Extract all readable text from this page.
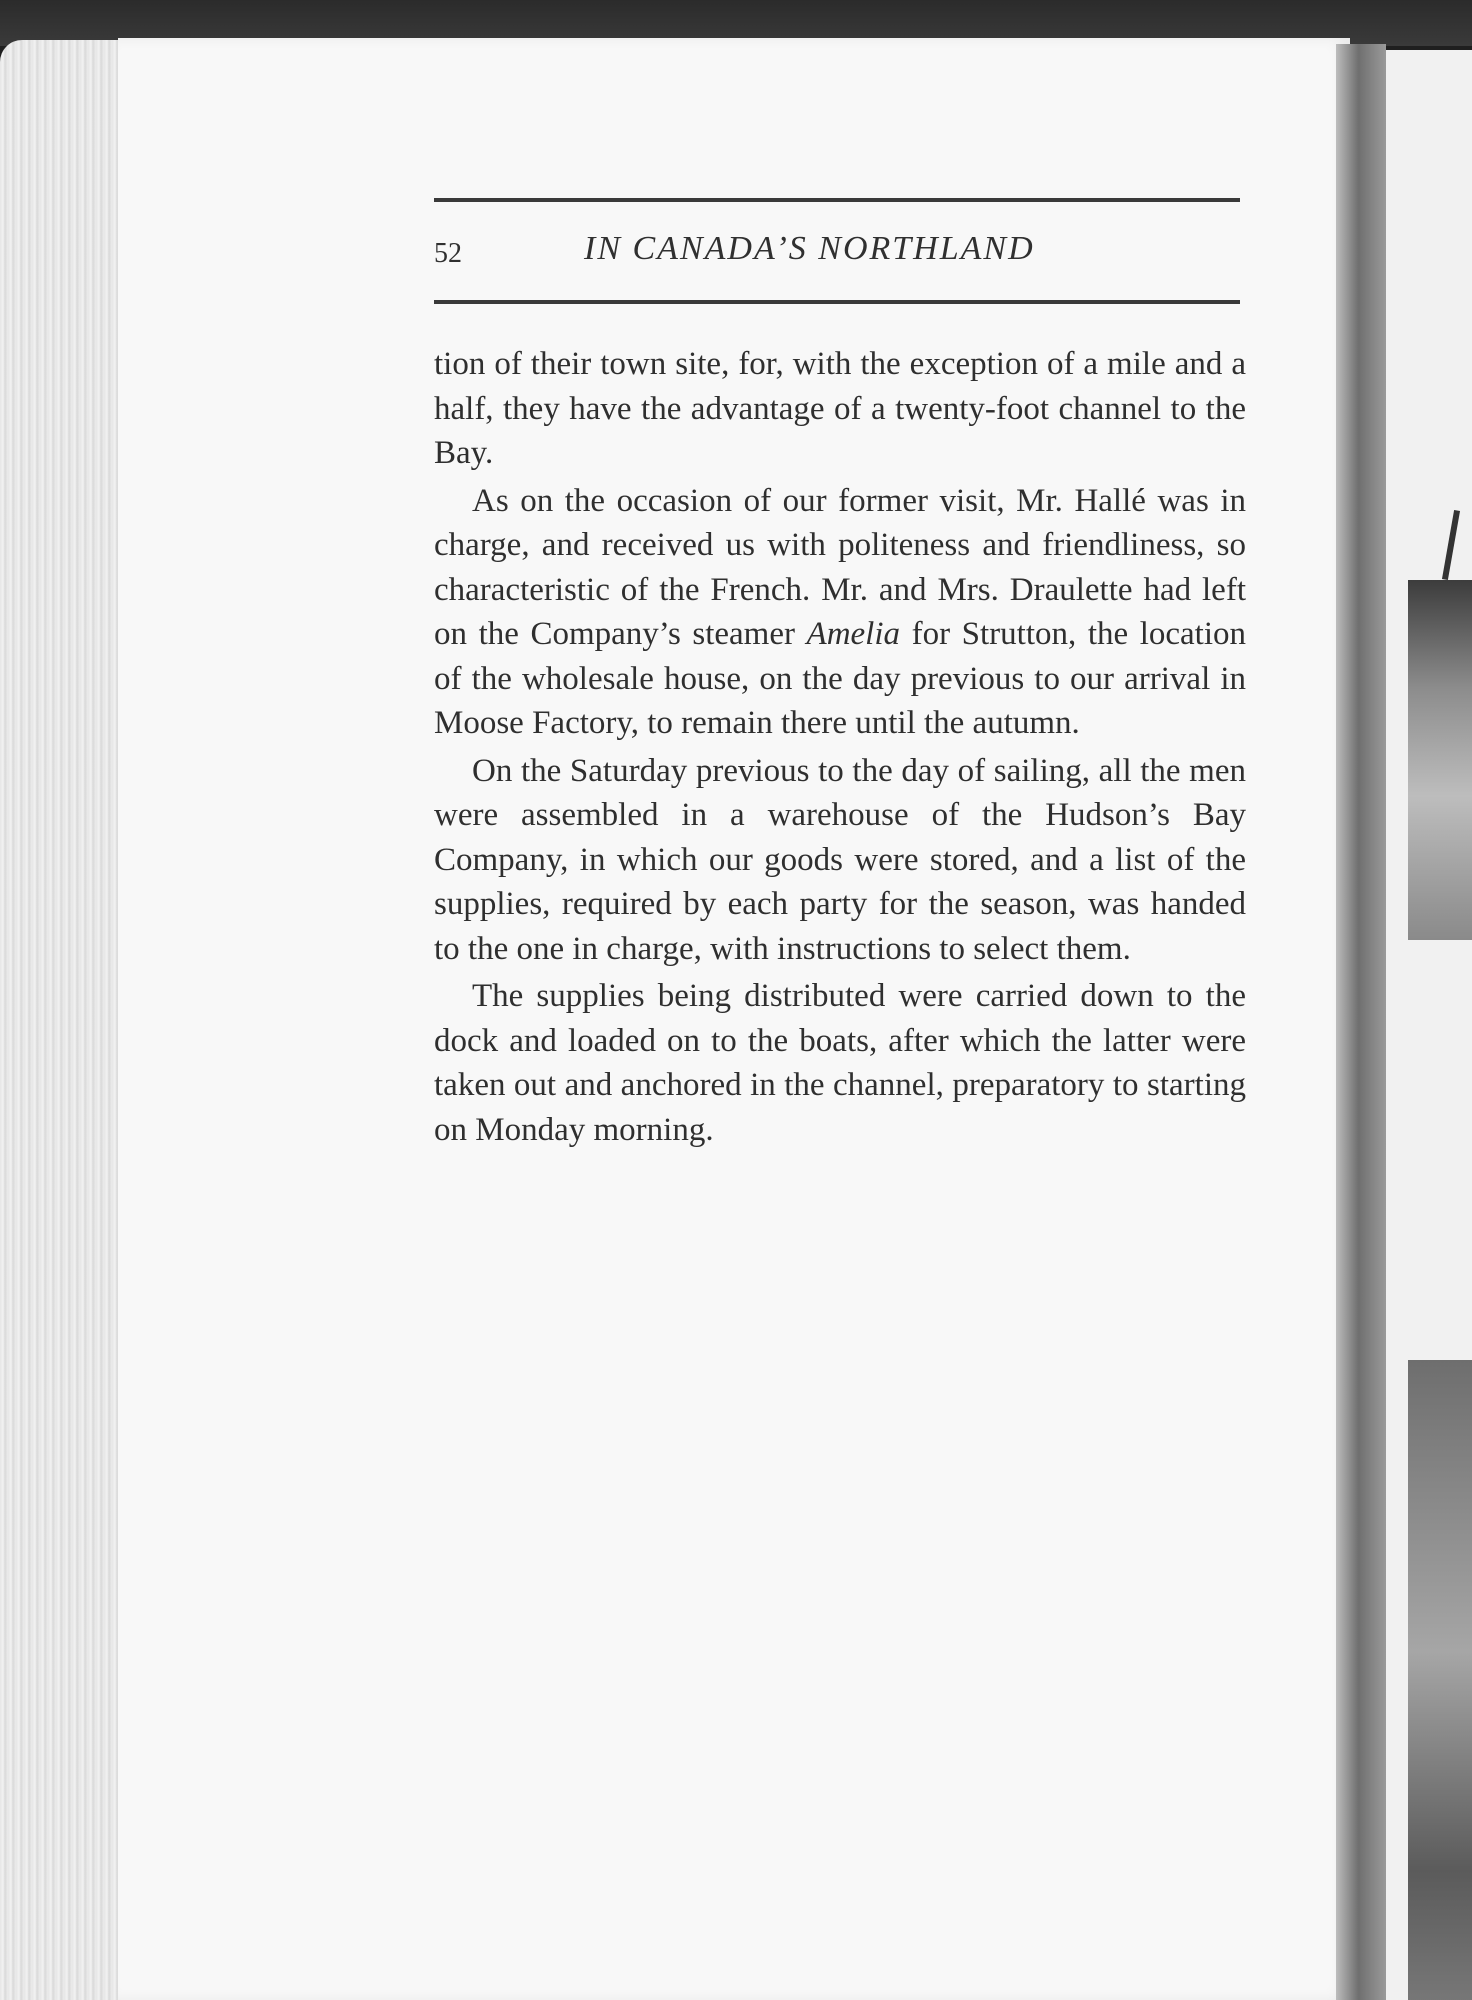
52	IN CANADA’S NORTHLAND

tion of their town site, for, with the exception of a mile and a half, they have the advantage of a twenty-foot channel to the Bay.

As on the occasion of our former visit, Mr. Hallé was in charge, and received us with politeness and friendliness, so characteristic of the French. Mr. and Mrs. Draulette had left on the Company’s steamer Amelia for Strutton, the location of the wholesale house, on the day previous to our arrival in Moose Factory, to remain there until the autumn.

On the Saturday previous to the day of sailing, all the men were assembled in a warehouse of the Hudson’s Bay Company, in which our goods were stored, and a list of the supplies, required by each party for the season, was handed to the one in charge, with instructions to select them.

The supplies being distributed were carried down to the dock and loaded on to the boats, after which the latter were taken out and anchored in the channel, preparatory to starting on Monday morning.
